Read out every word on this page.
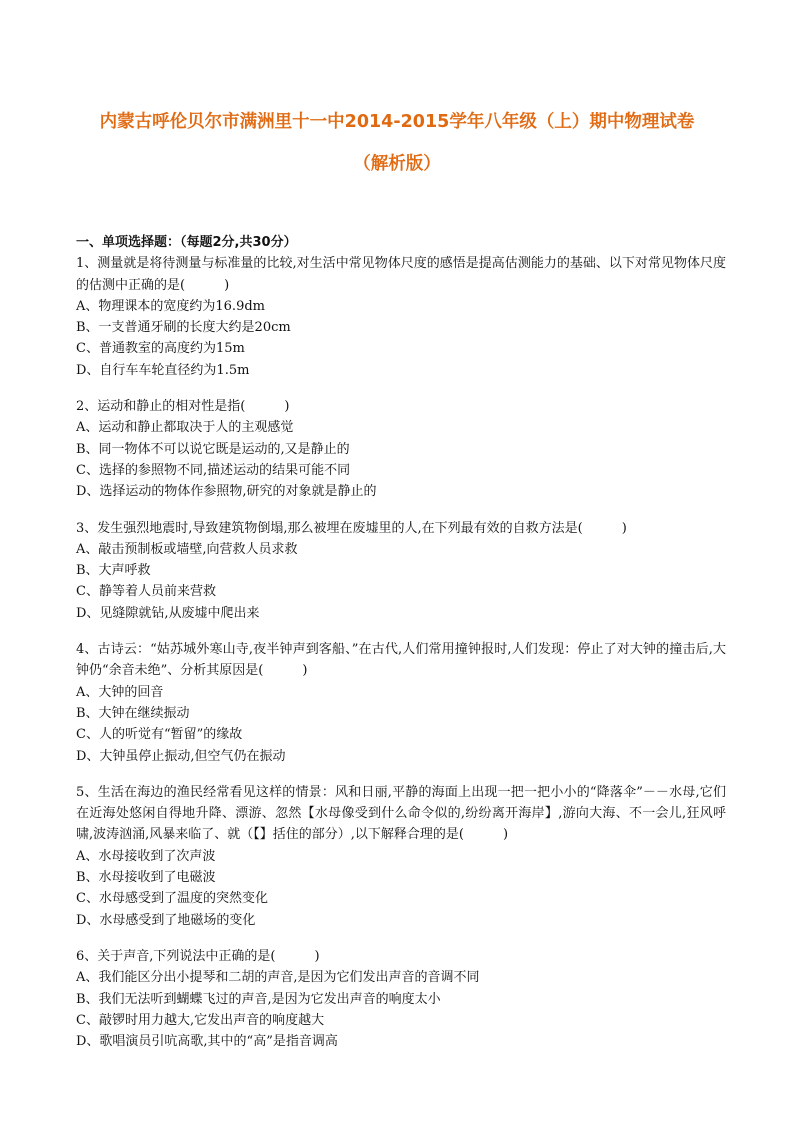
内蒙古呼伦贝尔市满洲里十一中2014-2015学年八年级（上）期中物理试卷
（解析版）
一、单项选择题：（每题2分,共30分）
1、测量就是将待测量与标准量的比较,对生活中常见物体尺度的感悟是提高估测能力的基础、以下对常见物体尺度的估测中正确的是(　　　)
A、物理课本的宽度约为16.9dm
B、一支普通牙刷的长度大约是20cm
C、普通教室的高度约为15m
D、自行车车轮直径约为1.5m
2、运动和静止的相对性是指(　　　)
A、运动和静止都取决于人的主观感觉
B、同一物体不可以说它既是运动的,又是静止的
C、选择的参照物不同,描述运动的结果可能不同
D、选择运动的物体作参照物,研究的对象就是静止的
3、发生强烈地震时,导致建筑物倒塌,那么被埋在废墟里的人,在下列最有效的自救方法是(　　　)
A、敲击预制板或墙壁,向营救人员求救
B、大声呼救
C、静等着人员前来营救
D、见缝隙就钻,从废墟中爬出来
4、古诗云：“姑苏城外寒山寺,夜半钟声到客船、”在古代,人们常用撞钟报时,人们发现：停止了对大钟的撞击后,大钟仍“余音未绝”、分析其原因是(　　　)
A、大钟的回音
B、大钟在继续振动
C、人的听觉有“暂留”的缘故
D、大钟虽停止振动,但空气仍在振动
5、生活在海边的渔民经常看见这样的情景：风和日丽,平静的海面上出现一把一把小小的“降落伞”－－水母,它们在近海处悠闲自得地升降、漂游、忽然【水母像受到什么命令似的,纷纷离开海岸】,游向大海、不一会儿,狂风呼啸,波涛汹涌,风暴来临了、就（【】括住的部分）,以下解释合理的是(　　　)
A、水母接收到了次声波
B、水母接收到了电磁波
C、水母感受到了温度的突然变化
D、水母感受到了地磁场的变化
6、关于声音,下列说法中正确的是(　　　)
A、我们能区分出小提琴和二胡的声音,是因为它们发出声音的音调不同
B、我们无法听到蝴蝶飞过的声音,是因为它发出声音的响度太小
C、敲锣时用力越大,它发出声音的响度越大
D、歌唱演员引吭高歌,其中的“高”是指音调高
